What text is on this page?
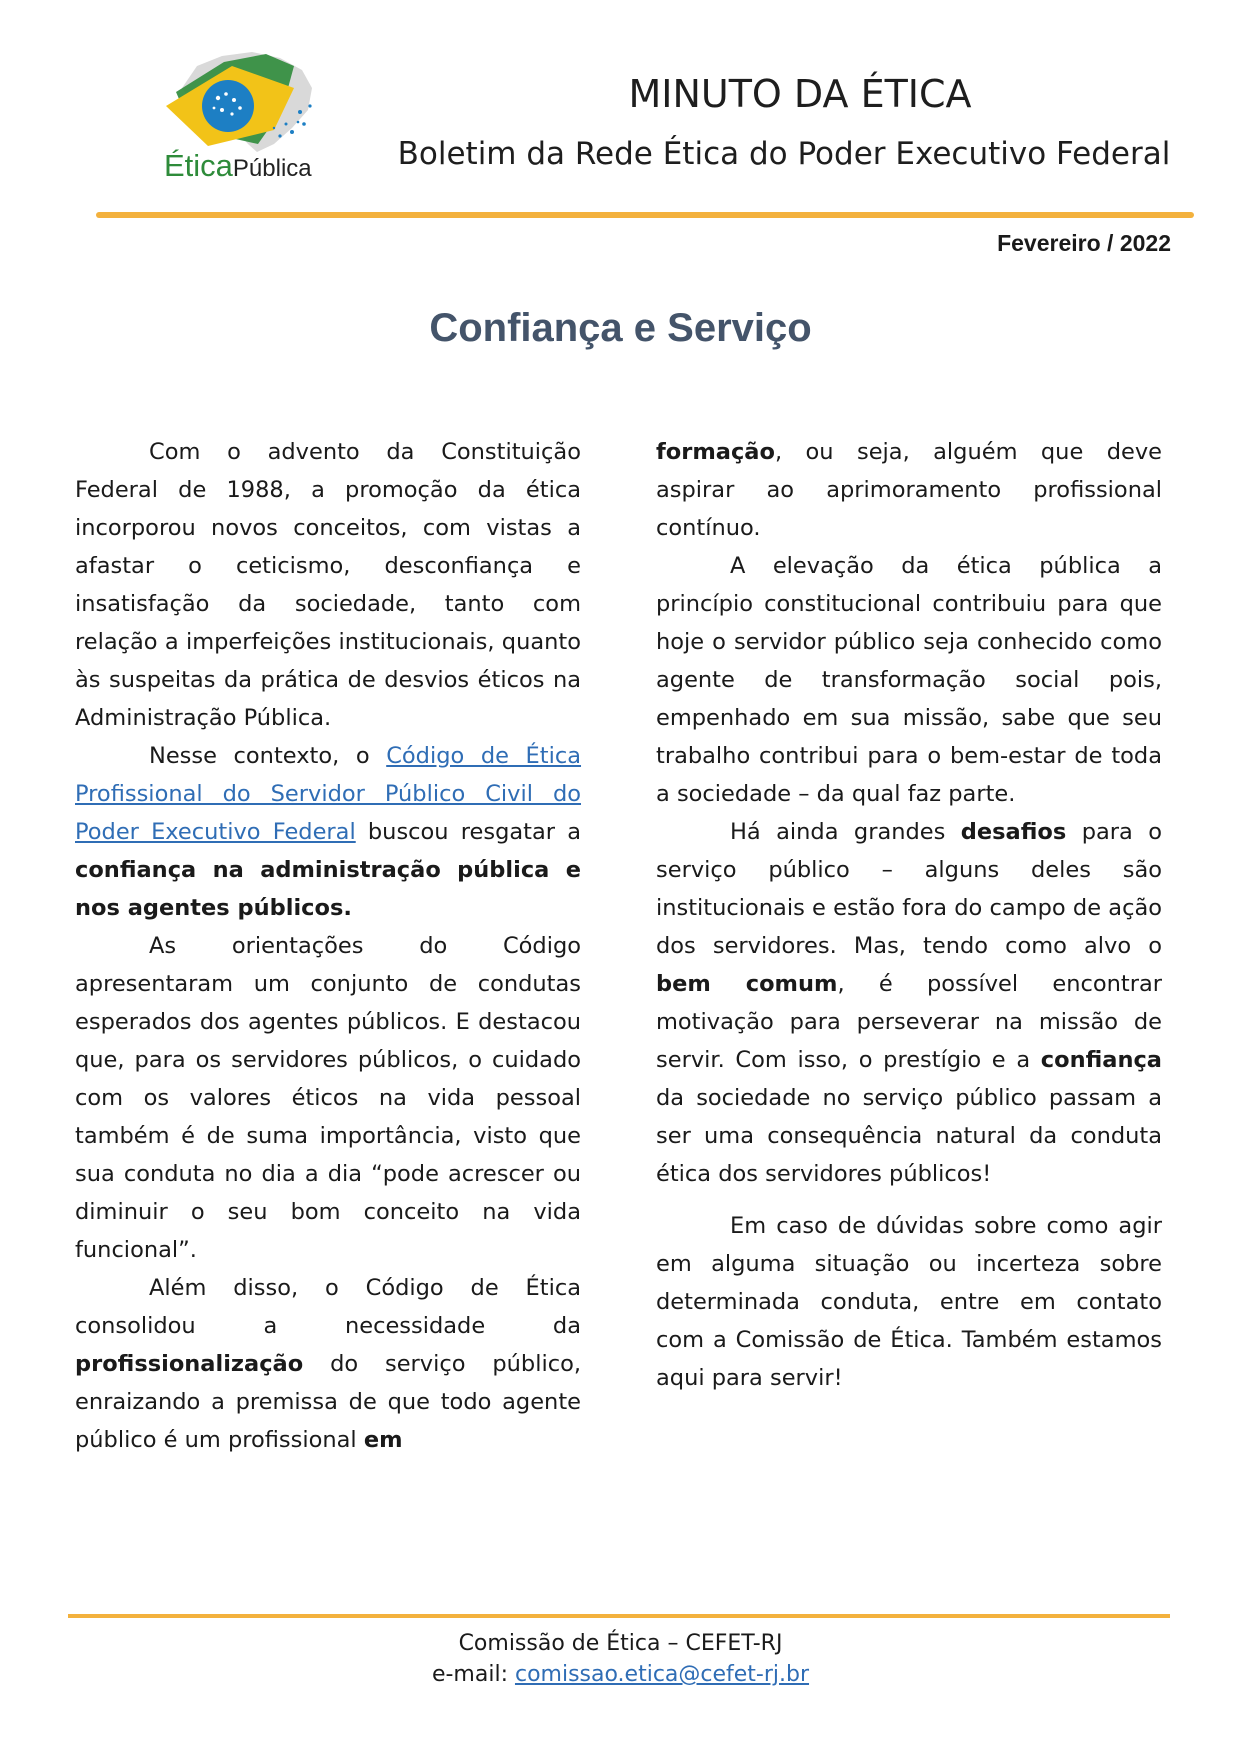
ÉticaPública
MINUTO DA ÉTICA
Boletim da Rede Ética do Poder Executivo Federal
Fevereiro / 2022
Confiança e Serviço

Com o advento da Constituição Federal de 1988, a promoção da ética incorporou novos conceitos, com vistas a afastar o ceticismo, desconfiança e insatisfação da sociedade, tanto com relação a imperfeições institucionais, quanto às suspeitas da prática de desvios éticos na Administração Pública.

Nesse contexto, o Código de Ética Profissional do Servidor Público Civil do Poder Executivo Federal buscou resgatar a confiança na administração pública e nos agentes públicos.

As orientações do Código apresentaram um conjunto de condutas esperados dos agentes públicos. E destacou que, para os servidores públicos, o cuidado com os valores éticos na vida pessoal também é de suma importância, visto que sua conduta no dia a dia “pode acrescer ou diminuir o seu bom conceito na vida funcional”.

Além disso, o Código de Ética consolidou a necessidade da profissionalização do serviço público, enraizando a premissa de que todo agente público é um profissional em

formação, ou seja, alguém que deve aspirar ao aprimoramento profissional contínuo.

A elevação da ética pública a princípio constitucional contribuiu para que hoje o servidor público seja conhecido como agente de transformação social pois, empenhado em sua missão, sabe que seu trabalho contribui para o bem-estar de toda a sociedade – da qual faz parte.

Há ainda grandes desafios para o serviço público – alguns deles são institucionais e estão fora do campo de ação dos servidores. Mas, tendo como alvo o bem comum, é possível encontrar motivação para perseverar na missão de servir. Com isso, o prestígio e a confiança da sociedade no serviço público passam a ser uma consequência natural da conduta ética dos servidores públicos!

Em caso de dúvidas sobre como agir em alguma situação ou incerteza sobre determinada conduta, entre em contato com a Comissão de Ética. Também estamos aqui para servir!

Comissão de Ética – CEFET-RJ
e-mail: comissao.etica@cefet-rj.br
